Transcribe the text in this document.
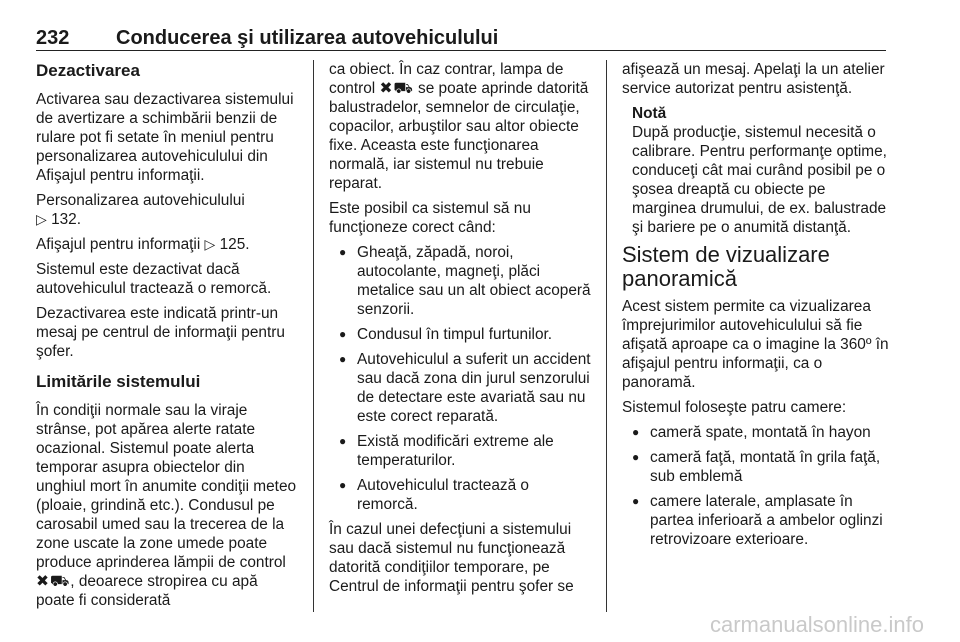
232 Conducerea şi utilizarea autovehiculului
Dezactivarea

Activarea sau dezactivarea sistemului de avertizare a schimbării benzii de rulare pot fi setate în meniul pentru personalizarea autovehiculului din Afişajul pentru informaţii.

Personalizarea autovehiculului
▷ 132.

Afişajul pentru informaţii ▷ 125.

Sistemul este dezactivat dacă autovehiculul tractează o remorcă.

Dezactivarea este indicată printr-un mesaj pe centrul de informaţii pentru şofer.

Limitările sistemului

În condiţii normale sau la viraje strânse, pot apărea alerte ratate ocazional. Sistemul poate alerta temporar asupra obiectelor din unghiul mort în anumite condiţii meteo (ploaie, grindină etc.). Condusul pe carosabil umed sau la trecerea de la zone uscate la zone umede poate produce aprinderea lămpii de control ✖⛟, deoarece stropirea cu apă poate fi considerată

ca obiect. În caz contrar, lampa de control ✖⛟ se poate aprinde datorită balustradelor, semnelor de circulaţie, copacilor, arbuştilor sau altor obiecte fixe. Aceasta este funcţionarea normală, iar sistemul nu trebuie reparat.

Este posibil ca sistemul să nu funcţioneze corect când:

● Gheaţă, zăpadă, noroi, autocolante, magneţi, plăci metalice sau un alt obiect acoperă senzorii.
● Condusul în timpul furtunilor.
● Autovehiculul a suferit un accident sau dacă zona din jurul senzorului de detectare este avariată sau nu este corect reparată.
● Există modificări extreme ale temperaturilor.
● Autovehiculul tractează o remorcă.

În cazul unei defecţiuni a sistemului sau dacă sistemul nu funcţionează datorită condiţiilor temporare, pe Centrul de informaţii pentru şofer se

afişează un mesaj. Apelaţi la un atelier service autorizat pentru asistenţă.

Notă
După producţie, sistemul necesită o calibrare. Pentru performanţe optime, conduceţi cât mai curând posibil pe o şosea dreaptă cu obiecte pe marginea drumului, de ex. balustrade şi bariere pe o anumită distanţă.
Sistem de vizualizare panoramică

Acest sistem permite ca vizualizarea împrejurimilor autovehiculului să fie afişată aproape ca o imagine la 360º în afişajul pentru informaţii, ca o panoramă.

Sistemul foloseşte patru camere:

● cameră spate, montată în hayon
● cameră faţă, montată în grila faţă, sub emblemă
● camere laterale, amplasate în partea inferioară a ambelor oglinzi retrovizoare exterioare.
carmanualsonline.info
